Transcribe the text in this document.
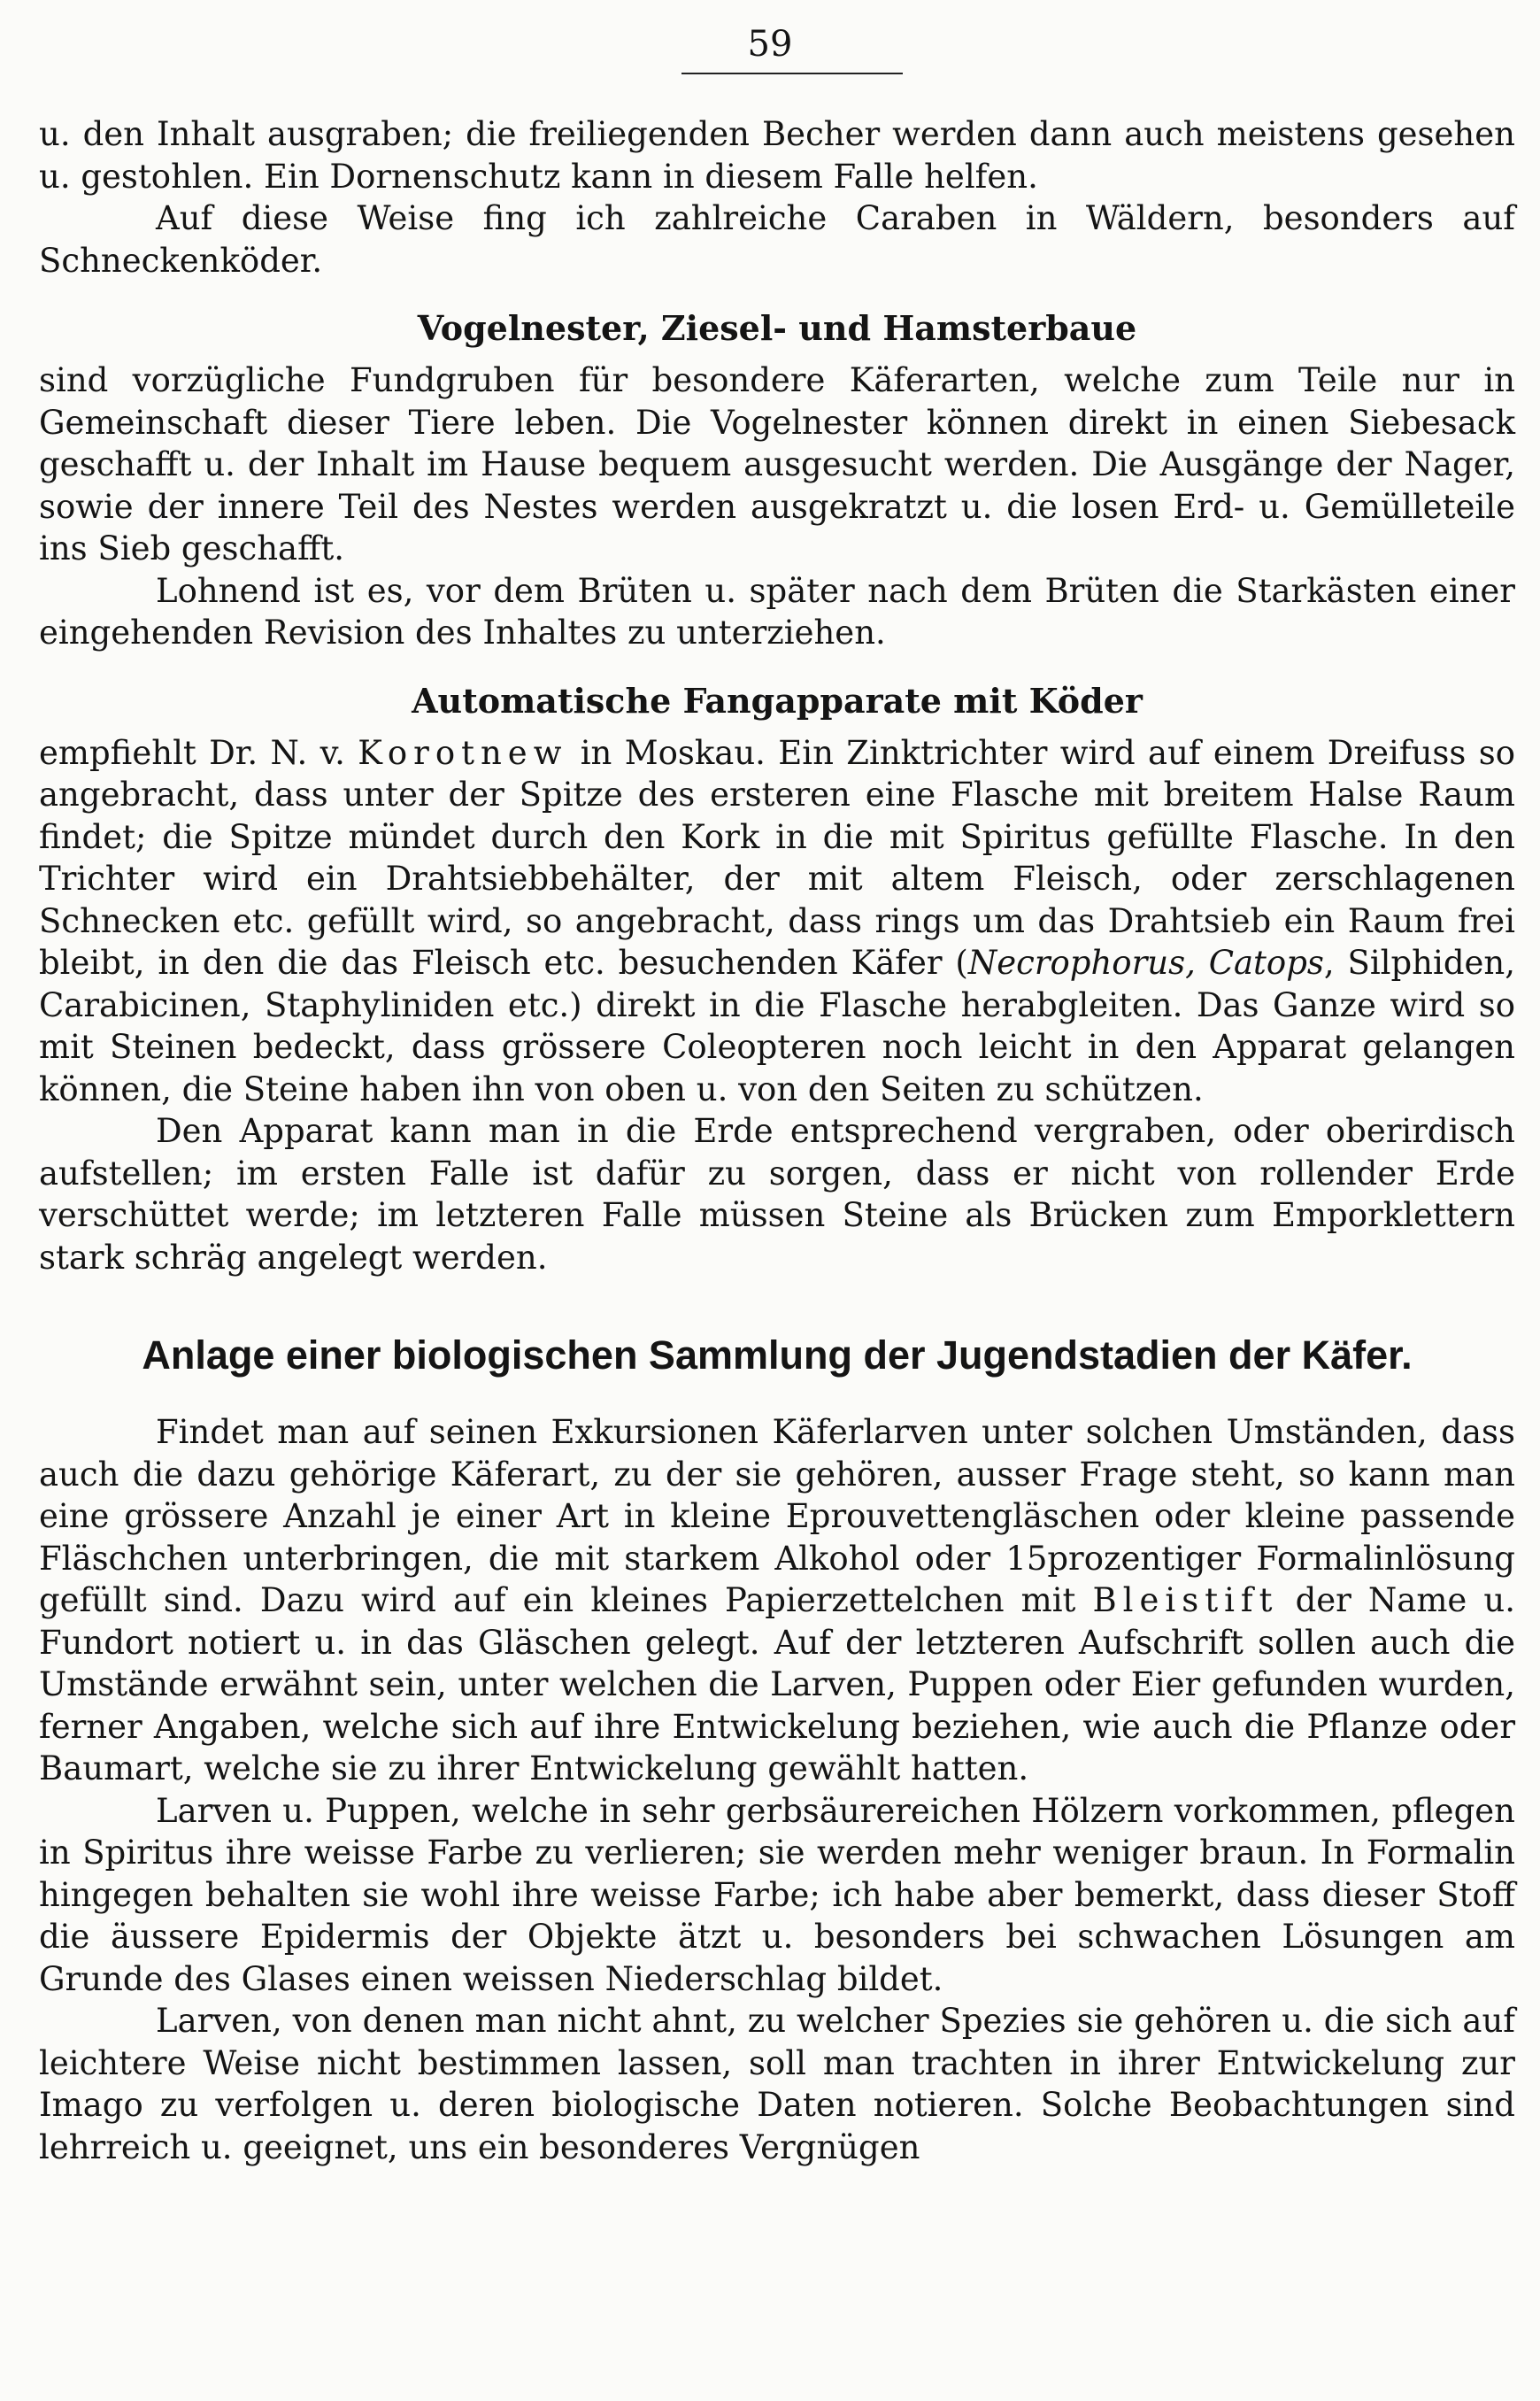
59

u. den Inhalt ausgraben; die freiliegenden Becher werden dann auch meistens gesehen u. gestohlen. Ein Dornenschutz kann in diesem Falle helfen.

Auf diese Weise fing ich zahlreiche Caraben in Wäldern, besonders auf Schneckenköder.

Vogelnester, Ziesel- und Hamsterbaue

sind vorzügliche Fundgruben für besondere Käferarten, welche zum Teile nur in Gemeinschaft dieser Tiere leben. Die Vogelnester können direkt in einen Siebesack geschafft u. der Inhalt im Hause bequem ausgesucht werden. Die Ausgänge der Nager, sowie der innere Teil des Nestes werden ausgekratzt u. die losen Erd- u. Gemülleteile ins Sieb geschafft.

Lohnend ist es, vor dem Brüten u. später nach dem Brüten die Starkästen einer eingehenden Revision des Inhaltes zu unterziehen.

Automatische Fangapparate mit Köder

empfiehlt Dr. N. v. Korotnew in Moskau. Ein Zinktrichter wird auf einem Dreifuss so angebracht, dass unter der Spitze des ersteren eine Flasche mit breitem Halse Raum findet; die Spitze mündet durch den Kork in die mit Spiritus gefüllte Flasche. In den Trichter wird ein Drahtsiebbehälter, der mit altem Fleisch, oder zerschlagenen Schnecken etc. gefüllt wird, so angebracht, dass rings um das Drahtsieb ein Raum frei bleibt, in den die das Fleisch etc. besuchenden Käfer (Necrophorus, Catops, Silphiden, Carabicinen, Staphyliniden etc.) direkt in die Flasche herabgleiten. Das Ganze wird so mit Steinen bedeckt, dass grössere Coleopteren noch leicht in den Apparat gelangen können, die Steine haben ihn von oben u. von den Seiten zu schützen.

Den Apparat kann man in die Erde entsprechend vergraben, oder oberirdisch aufstellen; im ersten Falle ist dafür zu sorgen, dass er nicht von rollender Erde verschüttet werde; im letzteren Falle müssen Steine als Brücken zum Emporklettern stark schräg angelegt werden.

Anlage einer biologischen Sammlung der Jugendstadien der Käfer.

Findet man auf seinen Exkursionen Käferlarven unter solchen Umständen, dass auch die dazu gehörige Käferart, zu der sie gehören, ausser Frage steht, so kann man eine grössere Anzahl je einer Art in kleine Eprouvettengläschen oder kleine passende Fläschchen unterbringen, die mit starkem Alkohol oder 15prozentiger Formalinlösung gefüllt sind. Dazu wird auf ein kleines Papierzettelchen mit Bleistift der Name u. Fundort notiert u. in das Gläschen gelegt. Auf der letzteren Aufschrift sollen auch die Umstände erwähnt sein, unter welchen die Larven, Puppen oder Eier gefunden wurden, ferner Angaben, welche sich auf ihre Entwickelung beziehen, wie auch die Pflanze oder Baumart, welche sie zu ihrer Entwickelung gewählt hatten.

Larven u. Puppen, welche in sehr gerbsäurereichen Hölzern vorkommen, pflegen in Spiritus ihre weisse Farbe zu verlieren; sie werden mehr weniger braun. In Formalin hingegen behalten sie wohl ihre weisse Farbe; ich habe aber bemerkt, dass dieser Stoff die äussere Epidermis der Objekte ätzt u. besonders bei schwachen Lösungen am Grunde des Glases einen weissen Niederschlag bildet.

Larven, von denen man nicht ahnt, zu welcher Spezies sie gehören u. die sich auf leichtere Weise nicht bestimmen lassen, soll man trachten in ihrer Entwickelung zur Imago zu verfolgen u. deren biologische Daten notieren. Solche Beobachtungen sind lehrreich u. geeignet, uns ein besonderes Vergnügen
